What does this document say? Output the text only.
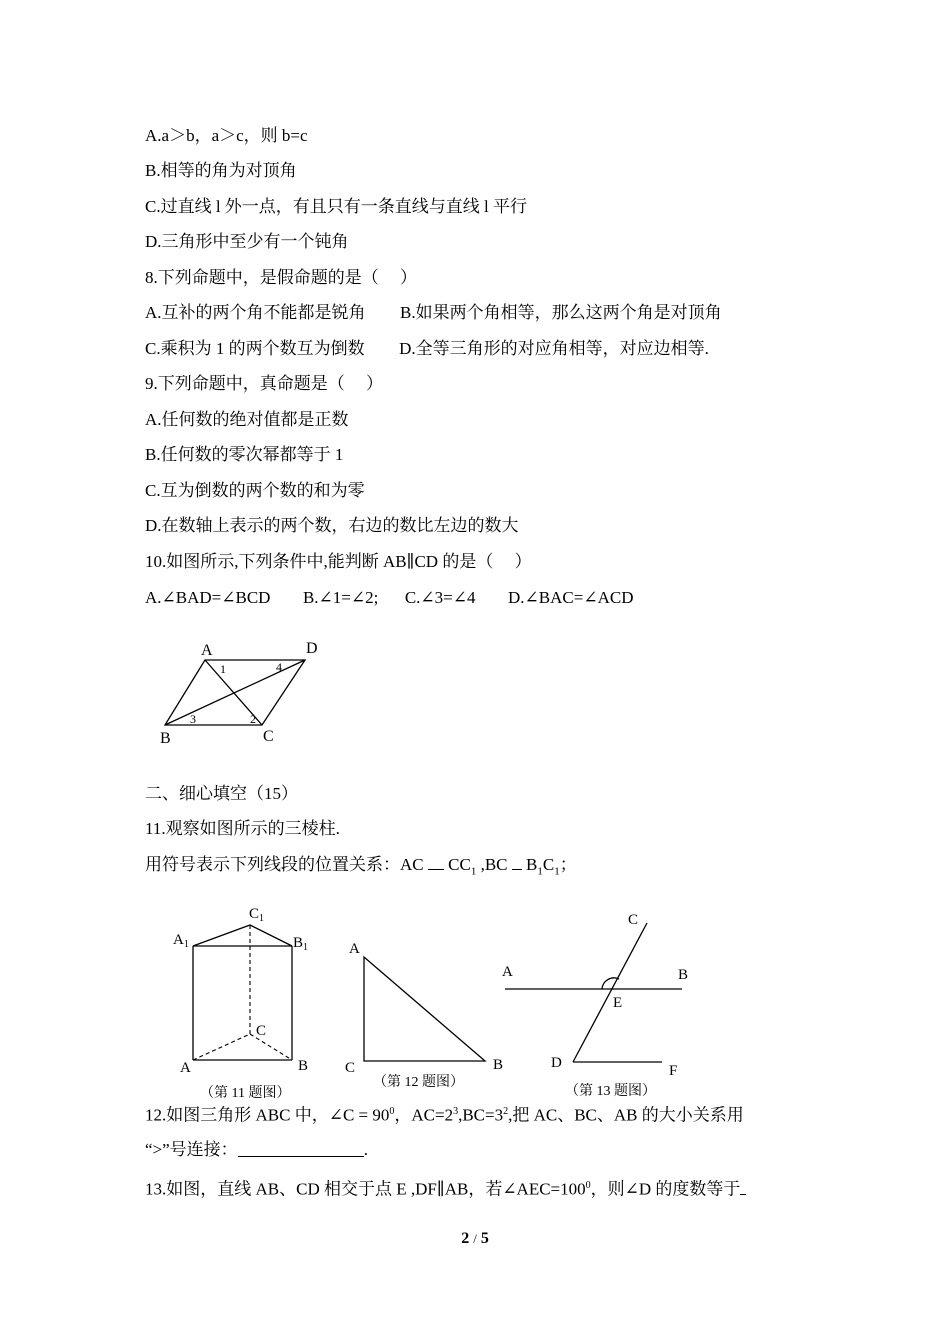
A.a＞b，a＞c，则 b=c
B.相等的角为对顶角
C.过直线 l 外一点，有且只有一条直线与直线 l 平行
D.三角形中至少有一个钝角
8.下列命题中，是假命题的是（　 ）
A.互补的两个角不能都是锐角 B.如果两个角相等，那么这两个角是对顶角
C.乘积为 1 的两个数互为倒数 D.全等三角形的对应角相等，对应边相等.
9.下列命题中，真命题是（　 ）
A.任何数的绝对值都是正数
B.任何数的零次幂都等于 1
C.互为倒数的两个数的和为零
D.在数轴上表示的两个数，右边的数比左边的数大
10.如图所示,下列条件中,能判断 AB∥CD 的是（　 ）
A.∠BAD=∠BCD B.∠1=∠2; C.∠3=∠4 D.∠BAC=∠ACD
A	D
B	C
1	4
3	2
二、细心填空（15）
11.观察如图所示的三棱柱.
用符号表示下列线段的位置关系：AC $CC_1$ ,BC $B_1C_1$；
$A_1$
$C_1$
$B_1$
C
A	B
（第 11 题图）
A
C	B
（第 12 题图）
C
A	B
E
D	F
（第 13 题图）
12.如图三角形 ABC 中，∠C = $90^0$，$AC=2^3,BC=3^2$,把 AC、BC、AB 的大小关系用
“>”号连接：	.
13.如图，直线 AB、CD 相交于点 E ,DF∥AB，若$\angle AEC=100^0$，则∠D 的度数等于
2 / 5
